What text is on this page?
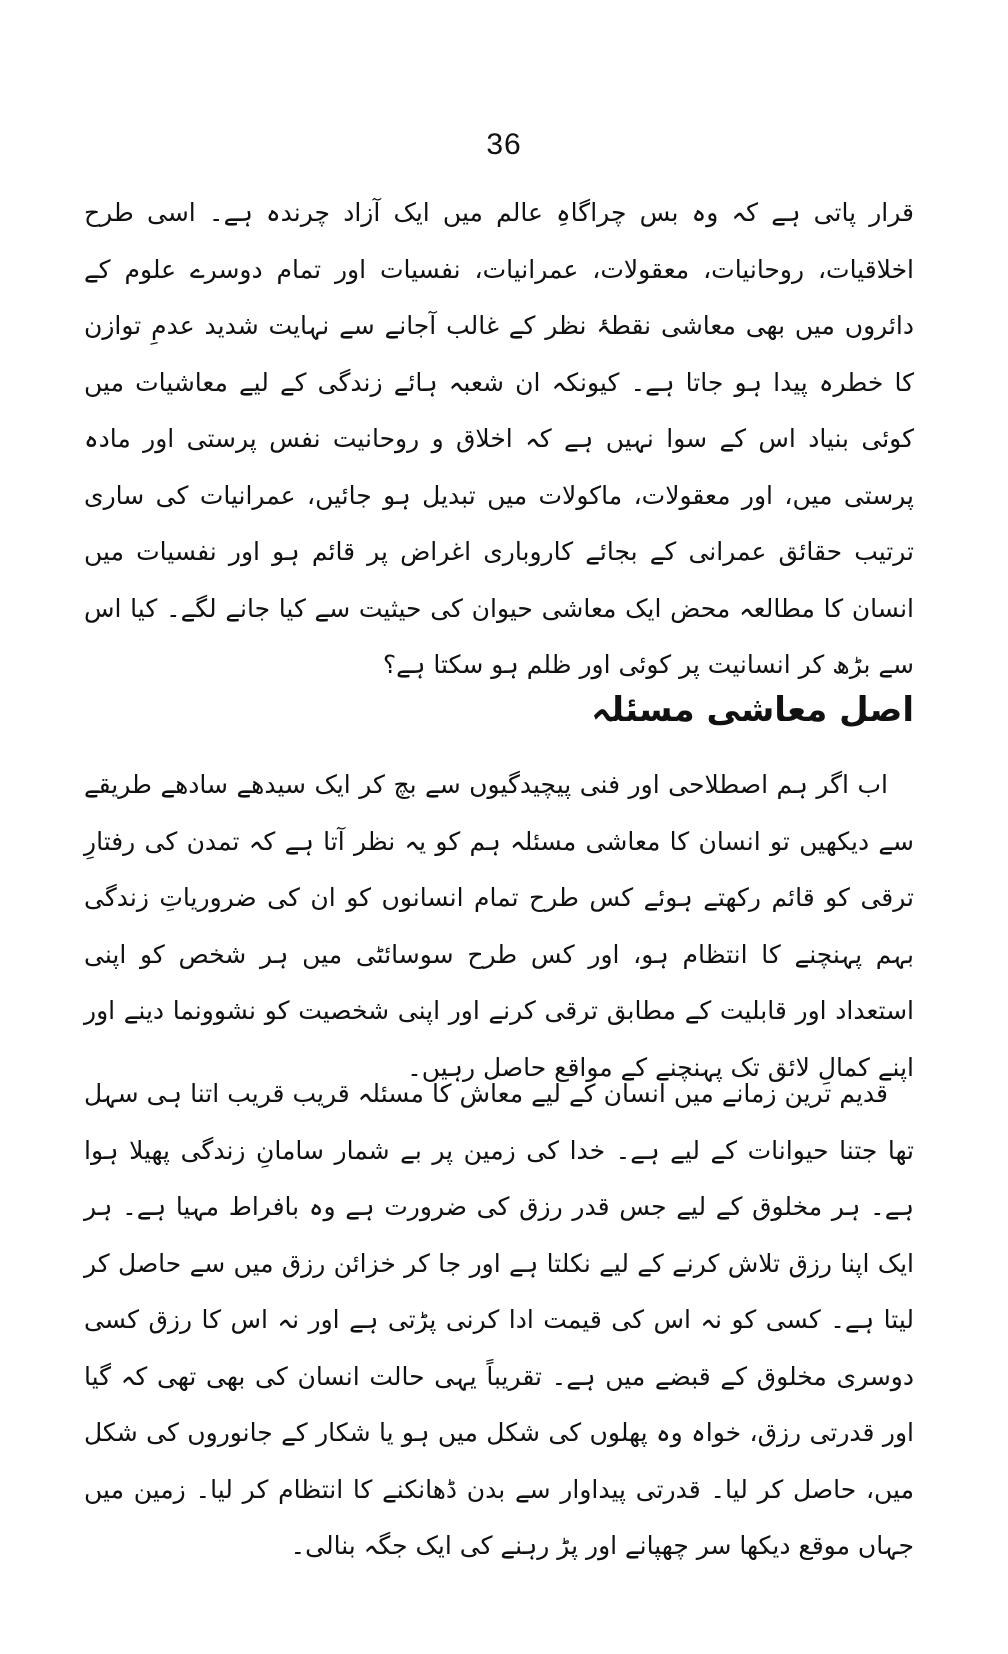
36

قرار پاتی ہے کہ وہ بس چراگاہِ عالم میں ایک آزاد چرندہ ہے۔ اسی طرح اخلاقیات، روحانیات، معقولات، عمرانیات، نفسیات اور تمام دوسرے علوم کے دائروں میں بھی معاشی نقطۂ نظر کے غالب آجانے سے نہایت شدید عدمِ توازن کا خطرہ پیدا ہو جاتا ہے۔ کیونکہ ان شعبہ ہائے زندگی کے لیے معاشیات میں کوئی بنیاد اس کے سوا نہیں ہے کہ اخلاق و روحانیت نفس پرستی اور مادہ پرستی میں، اور معقولات، ماکولات میں تبدیل ہو جائیں، عمرانیات کی ساری ترتیب حقائق عمرانی کے بجائے کاروباری اغراض پر قائم ہو اور نفسیات میں انسان کا مطالعہ محض ایک معاشی حیوان کی حیثیت سے کیا جانے لگے۔ کیا اس سے بڑھ کر انسانیت پر کوئی اور ظلم ہو سکتا ہے؟

اصل معاشی مسئلہ

اب اگر ہم اصطلاحی اور فنی پیچیدگیوں سے بچ کر ایک سیدھے سادھے طریقے سے دیکھیں تو انسان کا معاشی مسئلہ ہم کو یہ نظر آتا ہے کہ تمدن کی رفتارِ ترقی کو قائم رکھتے ہوئے کس طرح تمام انسانوں کو ان کی ضروریاتِ زندگی بہم پہنچنے کا انتظام ہو، اور کس طرح سوسائٹی میں ہر شخص کو اپنی استعداد اور قابلیت کے مطابق ترقی کرنے اور اپنی شخصیت کو نشوونما دینے اور اپنے کمالِ لائق تک پہنچنے کے مواقع حاصل رہیں۔

قدیم ترین زمانے میں انسان کے لیے معاش کا مسئلہ قریب قریب اتنا ہی سہل تھا جتنا حیوانات کے لیے ہے۔ خدا کی زمین پر بے شمار سامانِ زندگی پھیلا ہوا ہے۔ ہر مخلوق کے لیے جس قدر رزق کی ضرورت ہے وہ بافراط مہیا ہے۔ ہر ایک اپنا رزق تلاش کرنے کے لیے نکلتا ہے اور جا کر خزائن رزق میں سے حاصل کر لیتا ہے۔ کسی کو نہ اس کی قیمت ادا کرنی پڑتی ہے اور نہ اس کا رزق کسی دوسری مخلوق کے قبضے میں ہے۔ تقریباً یہی حالت انسان کی بھی تھی کہ گیا اور قدرتی رزق، خواہ وہ پھلوں کی شکل میں ہو یا شکار کے جانوروں کی شکل میں، حاصل کر لیا۔ قدرتی پیداوار سے بدن ڈھانکنے کا انتظام کر لیا۔ زمین میں جہاں موقع دیکھا سر چھپانے اور پڑ رہنے کی ایک جگہ بنالی۔
